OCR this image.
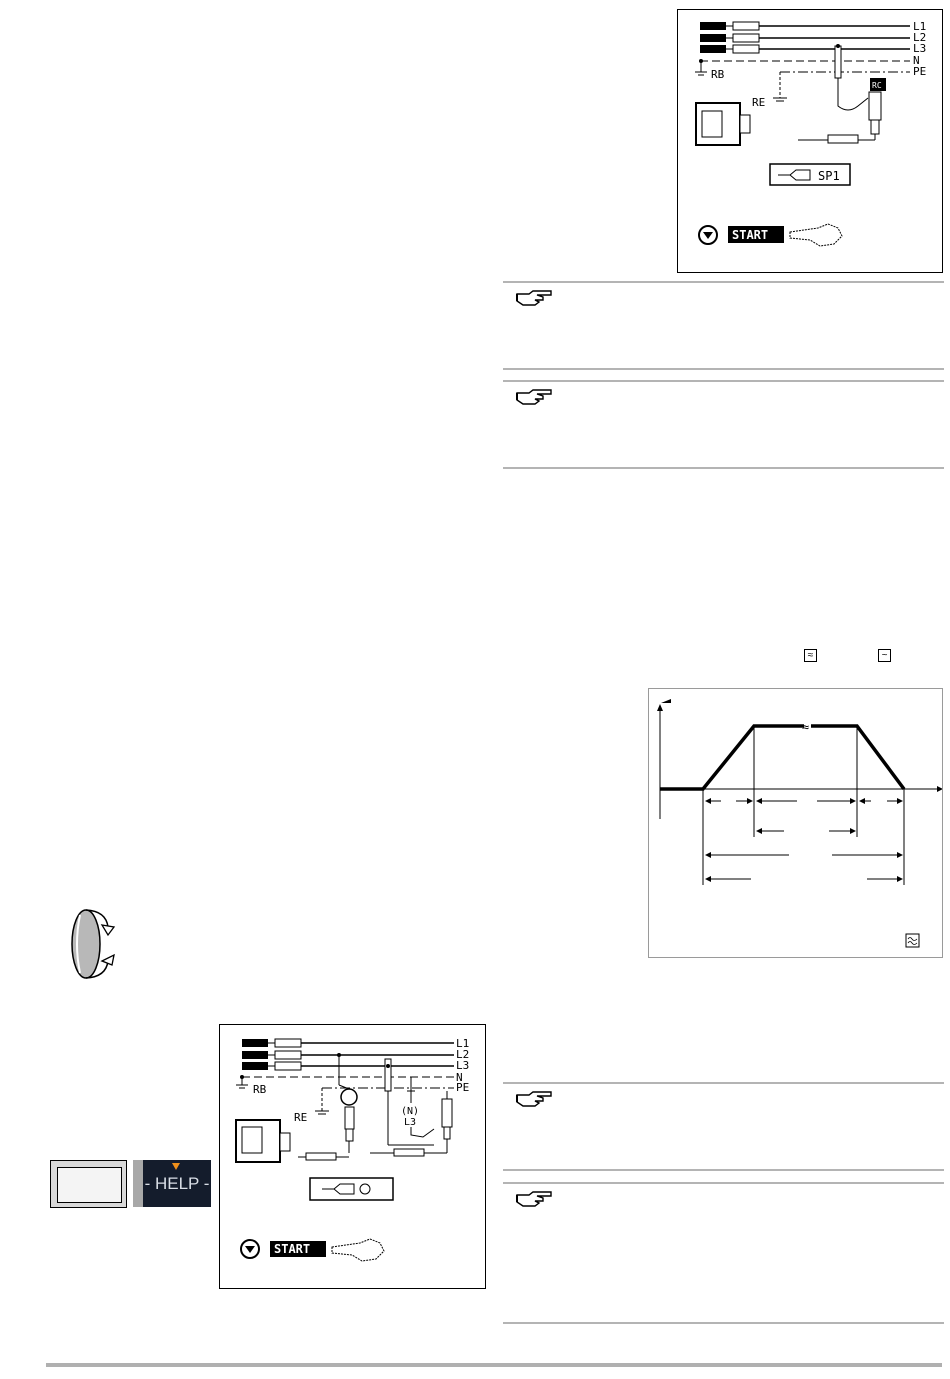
L1
L2
L3
N
PE
RB
RE
RC
SP1
START
≈	~
≈
- HELP -
L1
L2
L3
N
PE
RB
RE	(N)
L3
START
